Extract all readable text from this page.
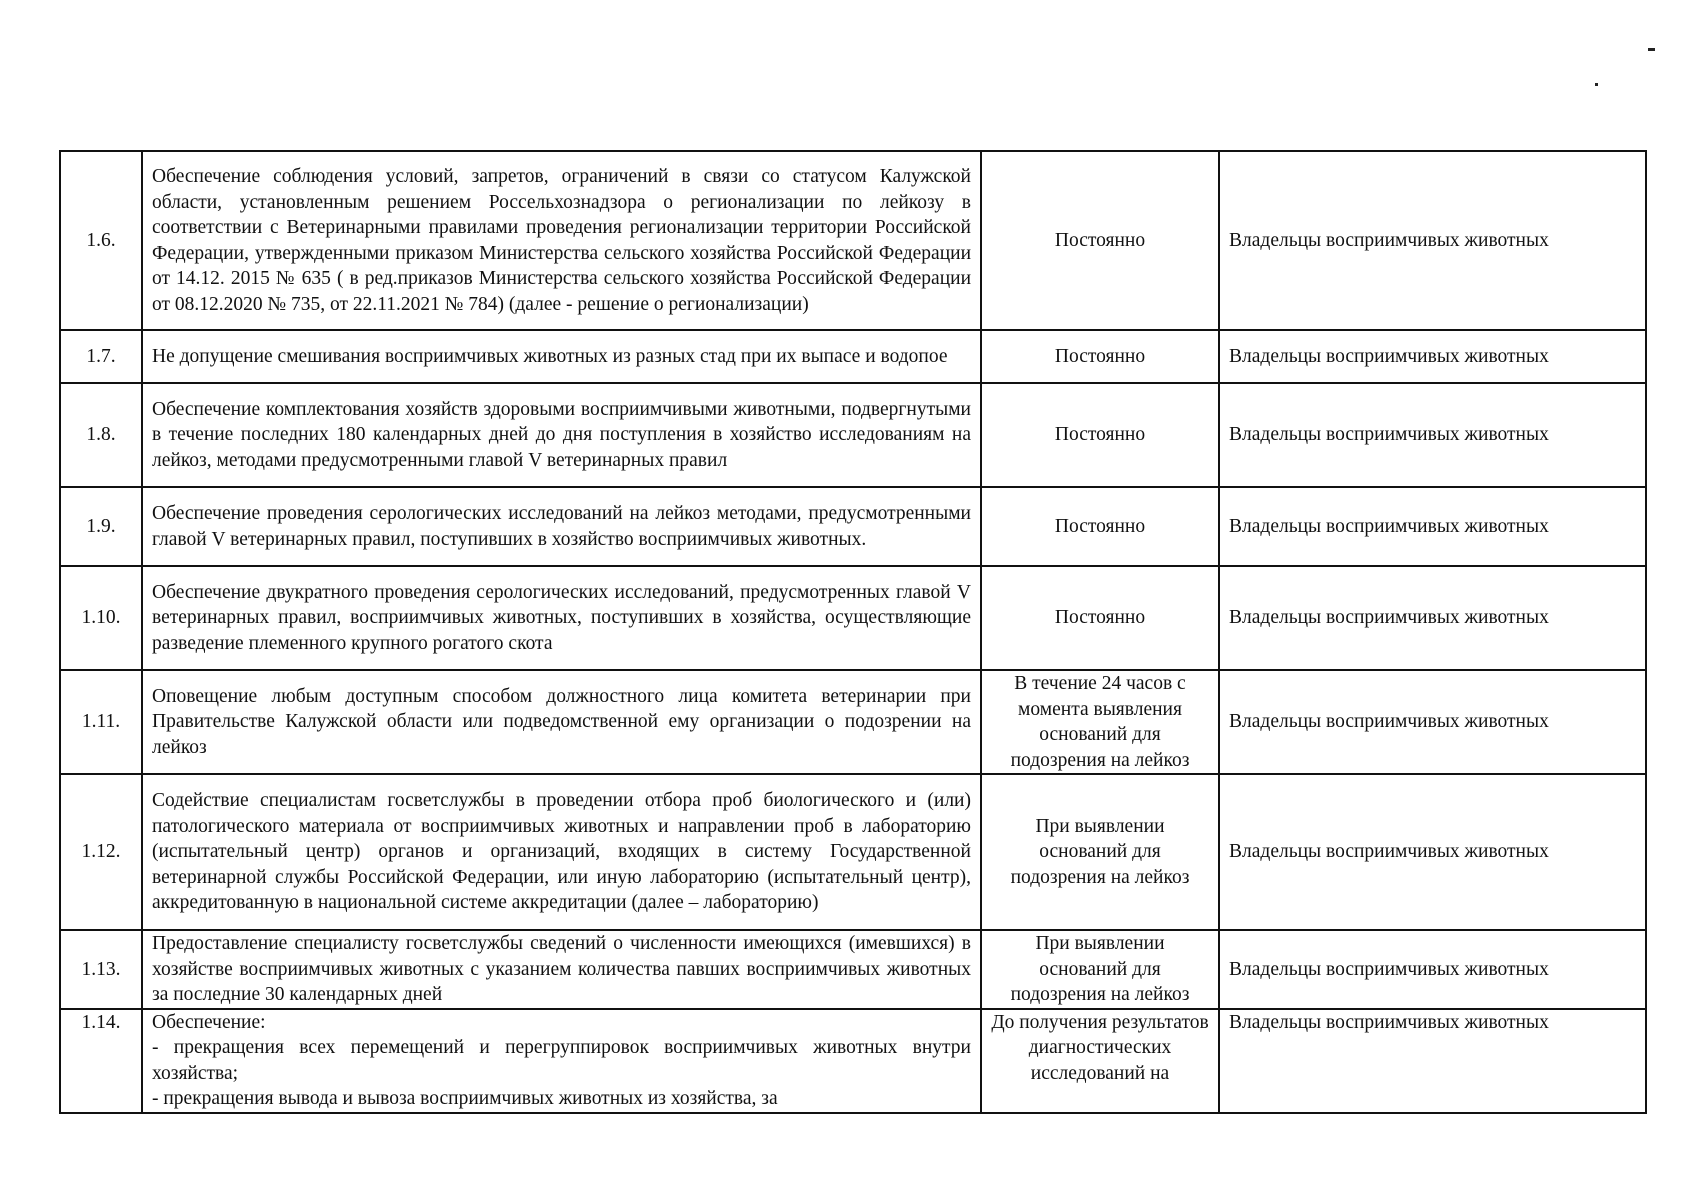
1.6.	Обеспечение соблюдения условий, запретов, ограничений в связи со статусом Калужской области, установленным решением Россельхознадзора о регионализации по лейкозу в соответствии с Ветеринарными правилами проведения регионализации территории Российской Федерации, утвержденными приказом Министерства сельского хозяйства Российской Федерации от 14.12. 2015 № 635 ( в ред.приказов Министерства сельского хозяйства Российской Федерации от 08.12.2020 № 735, от 22.11.2021 № 784) (далее - решение о регионализации)	Постоянно	Владельцы восприимчивых животных
1.7.	Не допущение смешивания восприимчивых животных из разных стад при их выпасе и водопое	Постоянно	Владельцы восприимчивых животных
1.8.	Обеспечение комплектования хозяйств здоровыми восприимчивыми животными, подвергнутыми в течение последних 180 календарных дней до дня поступления в хозяйство исследованиям на лейкоз, методами предусмотренными главой V ветеринарных правил	Постоянно	Владельцы восприимчивых животных
1.9.	Обеспечение проведения серологических исследований на лейкоз методами, предусмотренными главой V ветеринарных правил, поступивших в хозяйство восприимчивых животных.	Постоянно	Владельцы восприимчивых животных
1.10.	Обеспечение двукратного проведения серологических исследований, предусмотренных главой V ветеринарных правил, восприимчивых животных, поступивших в хозяйства, осуществляющие разведение племенного крупного рогатого скота	Постоянно	Владельцы восприимчивых животных
1.11.	Оповещение любым доступным способом должностного лица комитета ветеринарии при Правительстве Калужской области или подведомственной ему организации о подозрении на лейкоз	В течение 24 часов с момента выявления оснований для подозрения на лейкоз	Владельцы восприимчивых животных
1.12.	Содействие специалистам госветслужбы в проведении отбора проб биологического и (или) патологического материала от восприимчивых животных и направлении проб в лабораторию (испытательный центр) органов и организаций, входящих в систему Государственной ветеринарной службы Российской Федерации, или иную лабораторию (испытательный центр), аккредитованную в национальной системе аккредитации (далее – лабораторию)	При выявлении оснований для подозрения на лейкоз	Владельцы восприимчивых животных
1.13.	Предоставление специалисту госветслужбы сведений о численности имеющихся (имевшихся) в хозяйстве восприимчивых животных с указанием количества павших восприимчивых животных за последние 30 календарных дней	При выявлении оснований для подозрения на лейкоз	Владельцы восприимчивых животных

1.14.	Обеспечение:
- прекращения всех перемещений и перегруппировок восприимчивых животных внутри хозяйства;
- прекращения вывода и вывоза восприимчивых животных из хозяйства, за	До получения результатов диагностических исследований на	Владельцы восприимчивых животных
